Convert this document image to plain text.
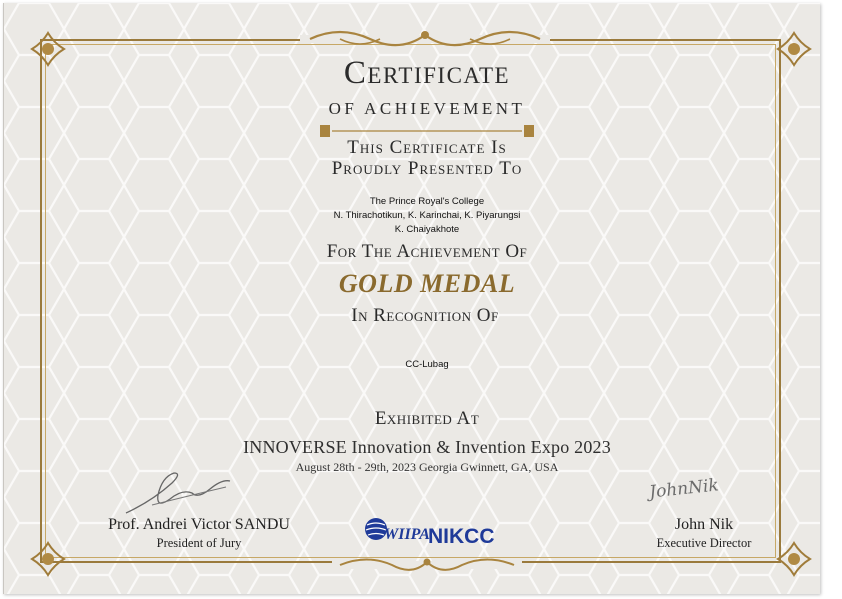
Certificate
OF ACHIEVEMENT
This Certificate Is
Proudly Presented To
The Prince Royal's College
N. Thirachotikun, K. Karinchai, K. Piyarungsi
K. Chaiyakhote
For The Achievement Of
GOLD MEDAL
In Recognition Of
CC-Lubag
Exhibited At
INNOVERSE Innovation & Invention Expo 2023
August 28th - 29th, 2023 Georgia Gwinnett, GA, USA
Prof. Andrei Victor SANDU
President of Jury
JohnNik
John Nik
Executive Director
WIIPA
NIKCC
